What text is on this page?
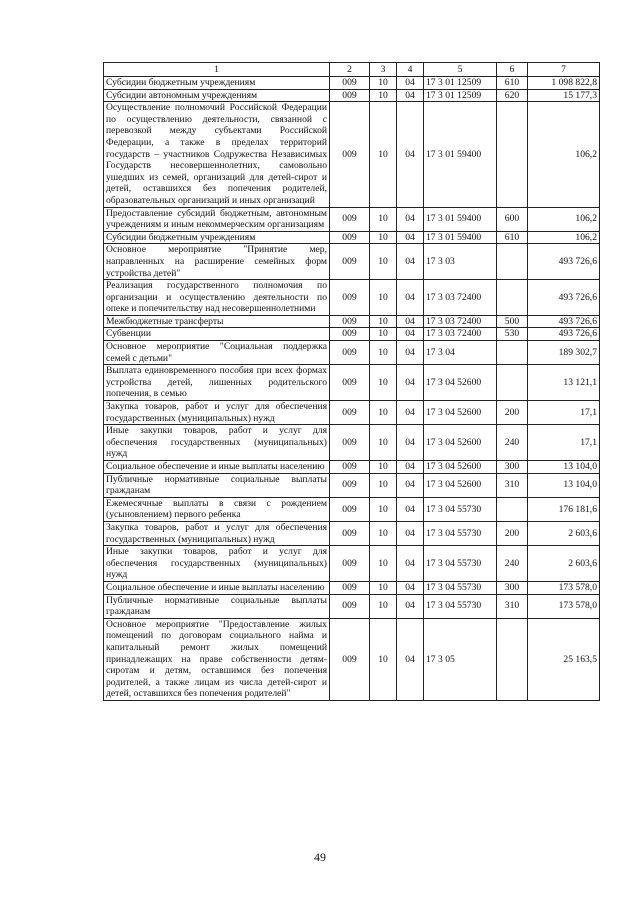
1	2	3	4	5	6	7
Субсидии бюджетным учреждениям	009	10	04	17 3 01 12509	610	1 098 822,8
Субсидии автономным учреждениям	009	10	04	17 3 01 12509	620	15 177,3
Осуществление полномочий Российской Федерации по осуществлению деятельности, связанной с перевозкой между субъектами Российской Федерации, а также в пределах территорий государств – участников Содружества Независимых Государств несовершеннолетних, самовольно ушедших из семей, организаций для детей-сирот и детей, оставшихся без попечения родителей, образовательных организаций и иных организаций	009	10	04	17 3 01 59400		106,2
Предоставление субсидий бюджетным, автономным учреждениям и иным некоммерческим организациям	009	10	04	17 3 01 59400	600	106,2
Субсидии бюджетным учреждениям	009	10	04	17 3 01 59400	610	106,2
Основное мероприятие "Принятие мер, направленных на расширение семейных форм устройства детей"	009	10	04	17 3 03		493 726,6
Реализация государственного полномочия по организации и осуществлению деятельности по опеке и попечительству над несовершеннолетними	009	10	04	17 3 03 72400		493 726,6
Межбюджетные трансферты	009	10	04	17 3 03 72400	500	493 726,6
Субвенции	009	10	04	17 3 03 72400	530	493 726,6
Основное мероприятие "Социальная поддержка семей с детьми"	009	10	04	17 3 04		189 302,7
Выплата единовременного пособия при всех формах устройства детей, лишенных родительского попечения, в семью	009	10	04	17 3 04 52600		13 121,1
Закупка товаров, работ и услуг для обеспечения государственных (муниципальных) нужд	009	10	04	17 3 04 52600	200	17,1
Иные закупки товаров, работ и услуг для обеспечения государственных (муниципальных) нужд	009	10	04	17 3 04 52600	240	17,1
Социальное обеспечение и иные выплаты населению	009	10	04	17 3 04 52600	300	13 104,0
Публичные нормативные социальные выплаты гражданам	009	10	04	17 3 04 52600	310	13 104,0
Ежемесячные выплаты в связи с рождением (усыновлением) первого ребенка	009	10	04	17 3 04 55730		176 181,6
Закупка товаров, работ и услуг для обеспечения государственных (муниципальных) нужд	009	10	04	17 3 04 55730	200	2 603,6
Иные закупки товаров, работ и услуг для обеспечения государственных (муниципальных) нужд	009	10	04	17 3 04 55730	240	2 603,6
Социальное обеспечение и иные выплаты населению	009	10	04	17 3 04 55730	300	173 578,0
Публичные нормативные социальные выплаты гражданам	009	10	04	17 3 04 55730	310	173 578,0
Основное мероприятие "Предоставление жилых помещений по договорам социального найма и капитальный ремонт жилых помещений принадлежащих на праве собственности детям-сиротам и детям, оставшимся без попечения родителей, а также лицам из числа детей-сирот и детей, оставшихся без попечения родителей"	009	10	04	17 3 05		25 163,5
49
